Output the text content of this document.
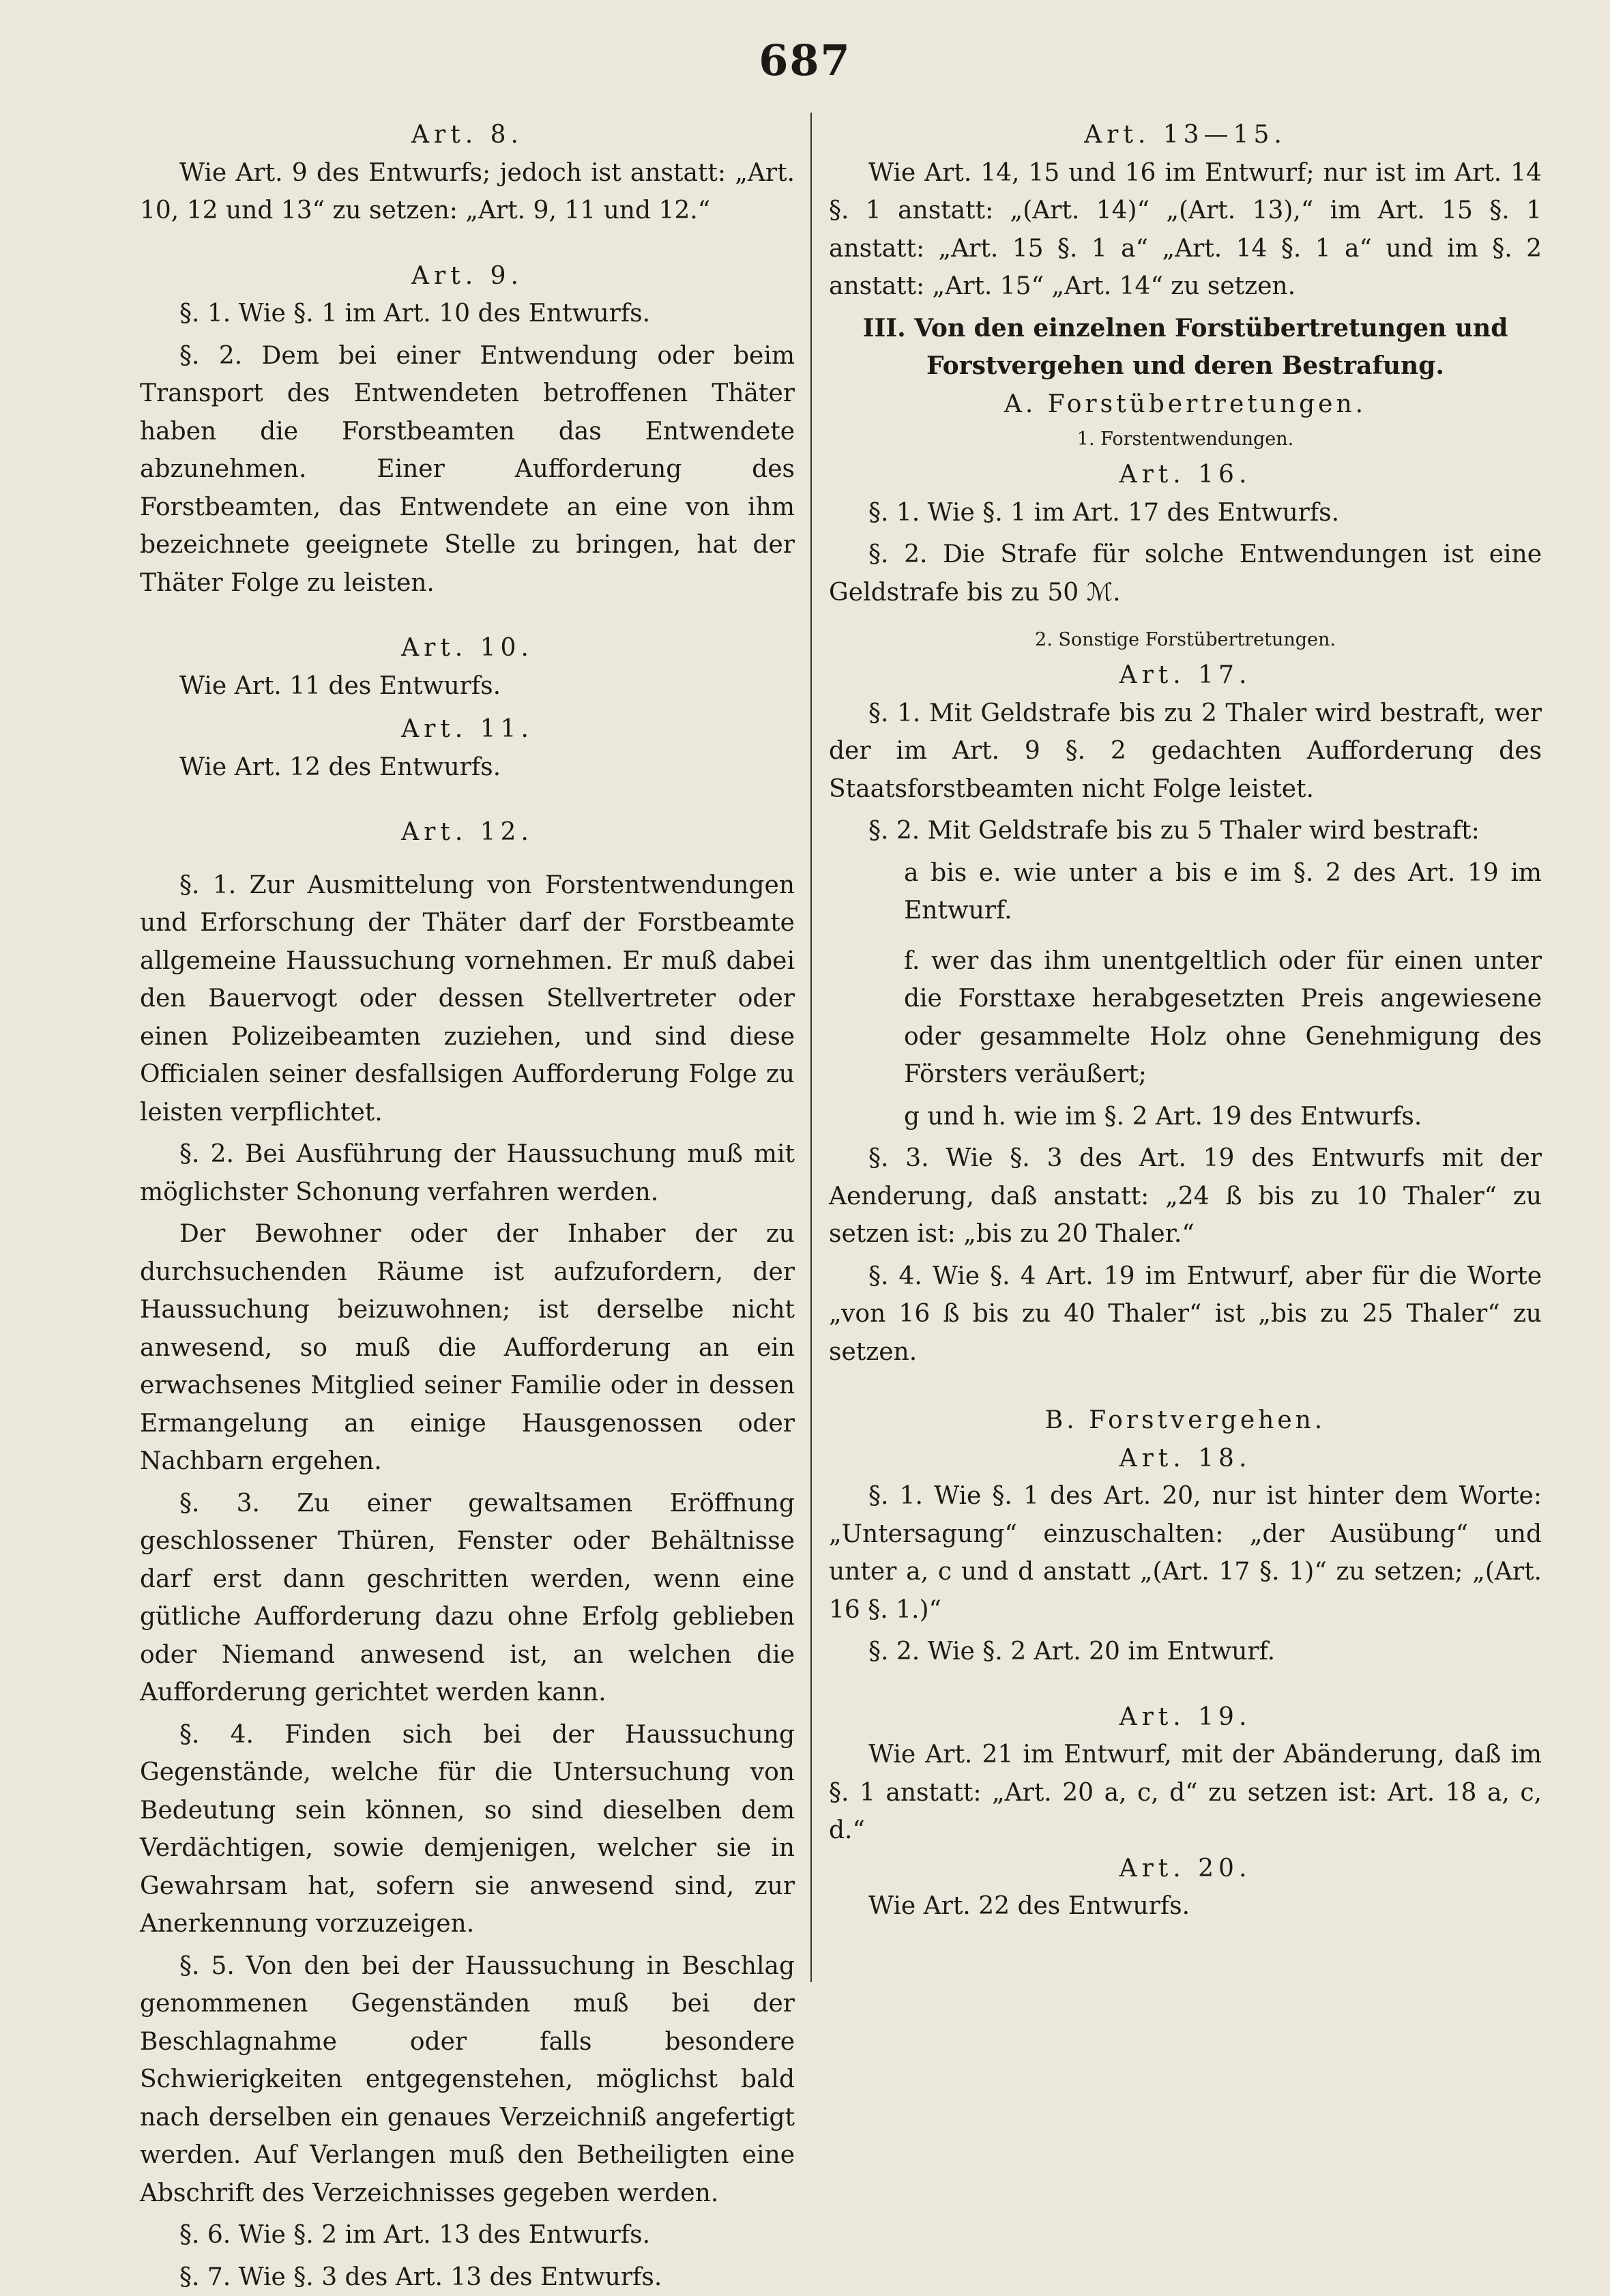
687
Art. 8.

Wie Art. 9 des Entwurfs; jedoch ist anstatt: „Art. 10, 12 und 13“ zu setzen: „Art. 9, 11 und 12.“

Art. 9.

§. 1. Wie §. 1 im Art. 10 des Entwurfs.

§. 2. Dem bei einer Entwendung oder beim Transport des Entwendeten betroffenen Thäter haben die Forstbeamten das Entwendete abzunehmen. Einer Aufforderung des Forstbeamten, das Entwendete an eine von ihm bezeichnete geeignete Stelle zu bringen, hat der Thäter Folge zu leisten.

Art. 10.

Wie Art. 11 des Entwurfs.

Art. 11.

Wie Art. 12 des Entwurfs.

Art. 12.

§. 1. Zur Ausmittelung von Forstentwendungen und Erforschung der Thäter darf der Forstbeamte allgemeine Haussuchung vornehmen. Er muß dabei den Bauervogt oder dessen Stellvertreter oder einen Polizeibeamten zuziehen, und sind diese Officialen seiner desfallsigen Aufforderung Folge zu leisten verpflichtet.

§. 2. Bei Ausführung der Haussuchung muß mit möglichster Schonung verfahren werden.

Der Bewohner oder der Inhaber der zu durchsuchenden Räume ist aufzufordern, der Haussuchung beizuwohnen; ist derselbe nicht anwesend, so muß die Aufforderung an ein erwachsenes Mitglied seiner Familie oder in dessen Ermangelung an einige Hausgenossen oder Nachbarn ergehen.

§. 3. Zu einer gewaltsamen Eröffnung geschlossener Thüren, Fenster oder Behältnisse darf erst dann geschritten werden, wenn eine gütliche Aufforderung dazu ohne Erfolg geblieben oder Niemand anwesend ist, an welchen die Aufforderung gerichtet werden kann.

§. 4. Finden sich bei der Haussuchung Gegenstände, welche für die Untersuchung von Bedeutung sein können, so sind dieselben dem Verdächtigen, sowie demjenigen, welcher sie in Gewahrsam hat, sofern sie anwesend sind, zur Anerkennung vorzuzeigen.

§. 5. Von den bei der Haussuchung in Beschlag genommenen Gegenständen muß bei der Beschlagnahme oder falls besondere Schwierigkeiten entgegenstehen, möglichst bald nach derselben ein genaues Verzeichniß angefertigt werden. Auf Verlangen muß den Betheiligten eine Abschrift des Verzeichnisses gegeben werden.

§. 6. Wie §. 2 im Art. 13 des Entwurfs.

§. 7. Wie §. 3 des Art. 13 des Entwurfs.

Art. 13—15.

Wie Art. 14, 15 und 16 im Entwurf; nur ist im Art. 14 §. 1 anstatt: „(Art. 14)“ „(Art. 13),“ im Art. 15 §. 1 anstatt: „Art. 15 §. 1 a“ „Art. 14 §. 1 a“ und im §. 2 anstatt: „Art. 15“ „Art. 14“ zu setzen.

III. Von den einzelnen Forstübertretungen und Forstvergehen und deren Bestrafung.

A. Forstübertretungen.
1. Forstentwendungen.
Art. 16.

§. 1. Wie §. 1 im Art. 17 des Entwurfs.

§. 2. Die Strafe für solche Entwendungen ist eine Geldstrafe bis zu 50 ℳ.

2. Sonstige Forstübertretungen.
Art. 17.

§. 1. Mit Geldstrafe bis zu 2 Thaler wird bestraft, wer der im Art. 9 §. 2 gedachten Aufforderung des Staatsforstbeamten nicht Folge leistet.

§. 2. Mit Geldstrafe bis zu 5 Thaler wird bestraft:

a bis e. wie unter a bis e im §. 2 des Art. 19 im Entwurf.

f. wer das ihm unentgeltlich oder für einen unter die Forsttaxe herabgesetzten Preis angewiesene oder gesammelte Holz ohne Genehmigung des Försters veräußert;

g und h. wie im §. 2 Art. 19 des Entwurfs.

§. 3. Wie §. 3 des Art. 19 des Entwurfs mit der Aenderung, daß anstatt: „24 ß bis zu 10 Thaler“ zu setzen ist: „bis zu 20 Thaler.“

§. 4. Wie §. 4 Art. 19 im Entwurf, aber für die Worte „von 16 ß bis zu 40 Thaler“ ist „bis zu 25 Thaler“ zu setzen.

B. Forstvergehen.
Art. 18.

§. 1. Wie §. 1 des Art. 20, nur ist hinter dem Worte: „Untersagung“ einzuschalten: „der Ausübung“ und unter a, c und d anstatt „(Art. 17 §. 1)“ zu setzen; „(Art. 16 §. 1.)“

§. 2. Wie §. 2 Art. 20 im Entwurf.

Art. 19.

Wie Art. 21 im Entwurf, mit der Abänderung, daß im §. 1 anstatt: „Art. 20 a, c, d“ zu setzen ist: Art. 18 a, c, d.“

Art. 20.

Wie Art. 22 des Entwurfs.
